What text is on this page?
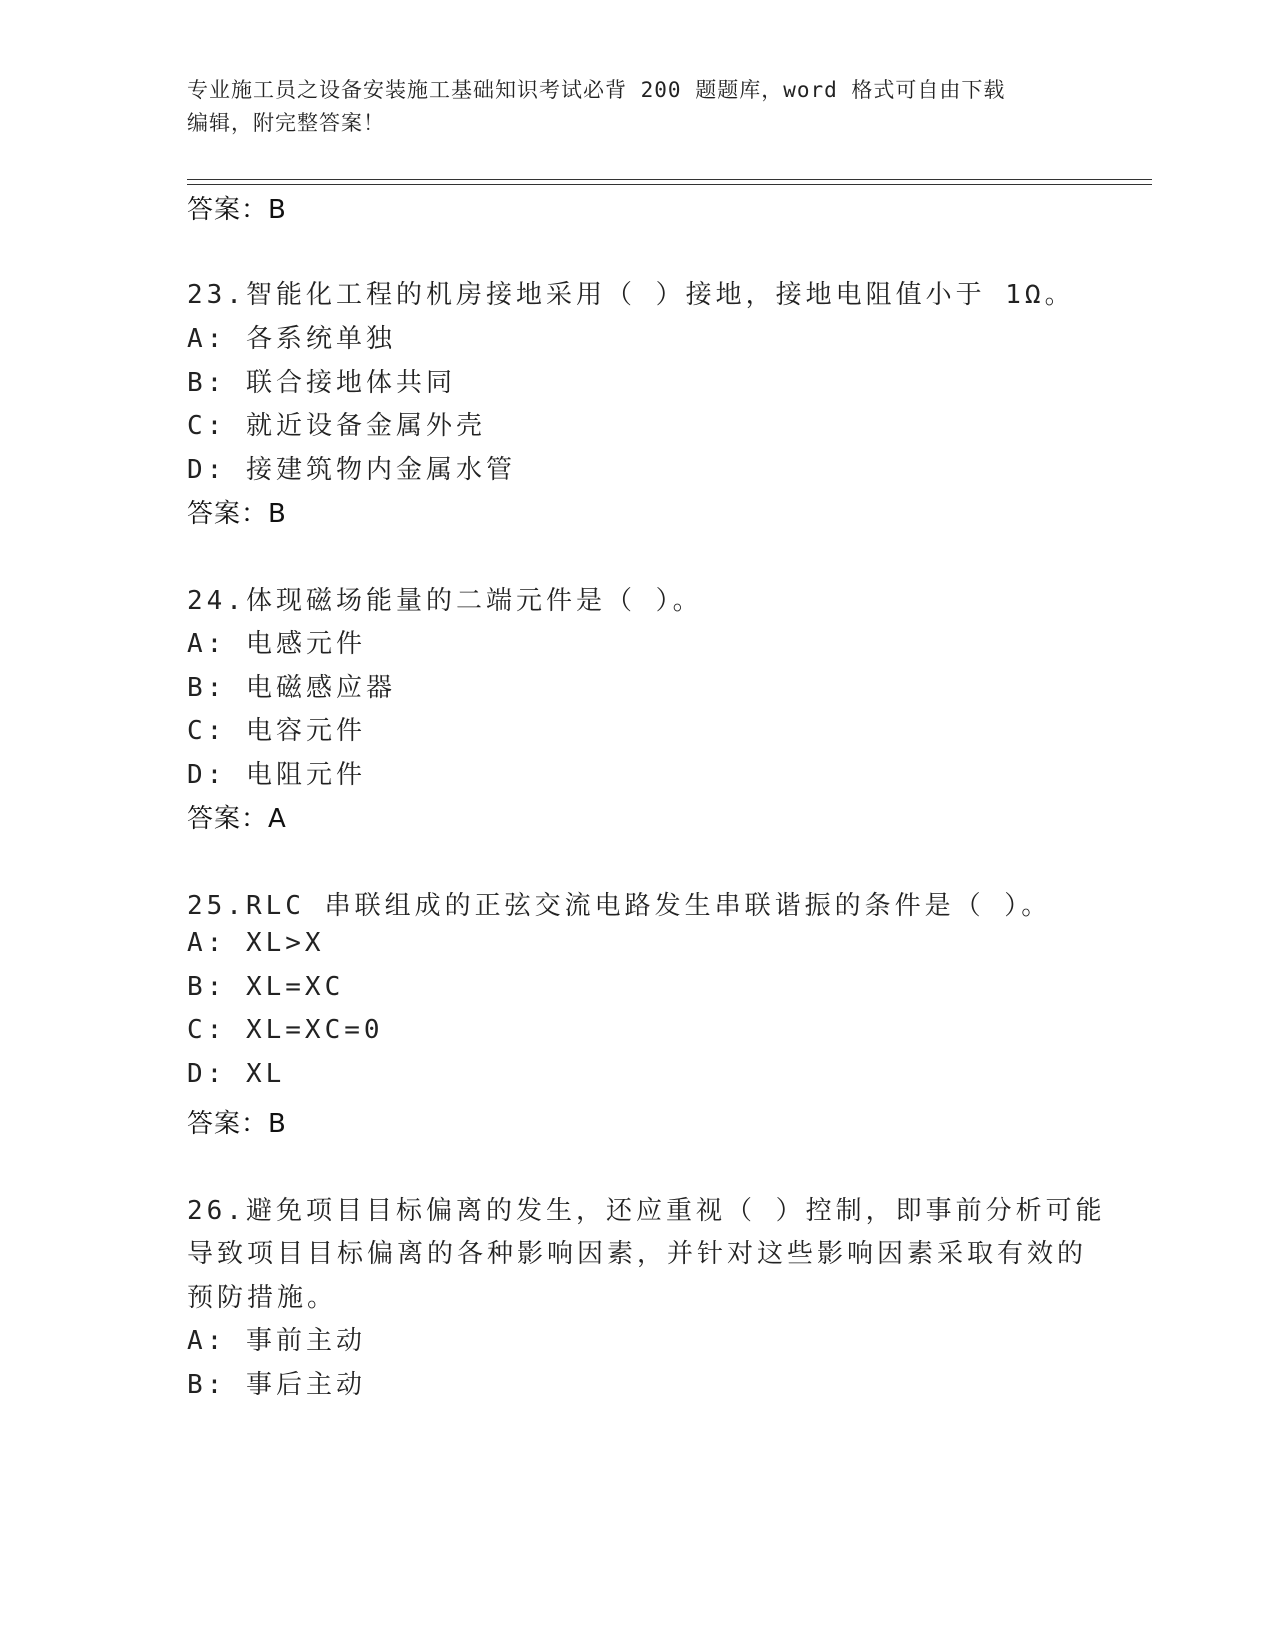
专业施工员之设备安装施工基础知识考试必背 200 题题库，word 格式可自由下载
编辑，附完整答案！
答案：B
23.智能化工程的机房接地采用（ ）接地，接地电阻值小于 1Ω。
A: 各系统单独
B: 联合接地体共同
C: 就近设备金属外壳
D: 接建筑物内金属水管
答案：B
24.体现磁场能量的二端元件是（ ）。
A: 电感元件
B: 电磁感应器
C: 电容元件
D: 电阻元件
答案：A
25.RLC 串联组成的正弦交流电路发生串联谐振的条件是（ ）。
A: XL>X
B: XL=XC
C: XL=XC=0
D: XL
答案：B
26.避免项目目标偏离的发生，还应重视（ ）控制，即事前分析可能
导致项目目标偏离的各种影响因素，并针对这些影响因素采取有效的
预防措施。
A: 事前主动
B: 事后主动
